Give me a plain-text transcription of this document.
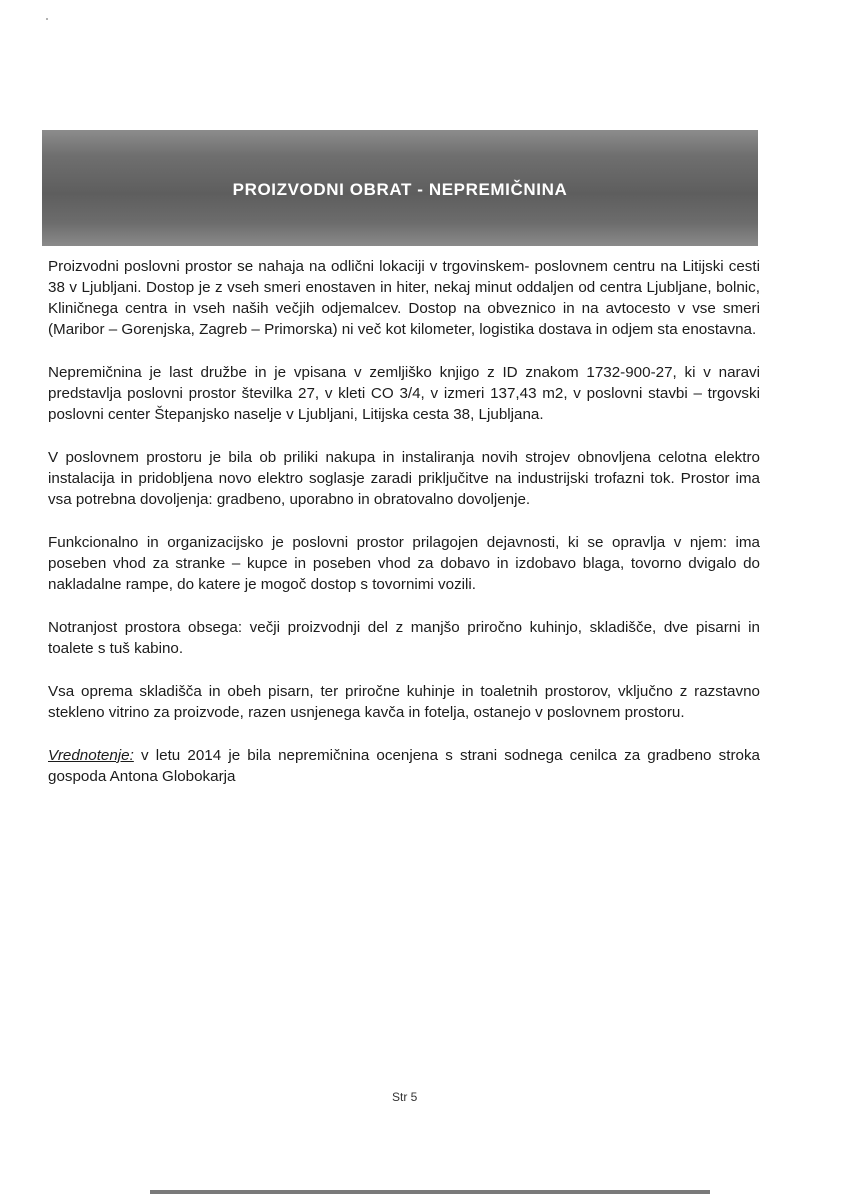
PROIZVODNI OBRAT - NEPREMIČNINA

Proizvodni poslovni prostor se nahaja na odlični lokaciji v trgovinskem- poslovnem centru na Litijski cesti 38 v Ljubljani. Dostop je z vseh smeri enostaven in hiter, nekaj minut oddaljen od centra Ljubljane, bolnic, Kliničnega centra in vseh naših večjih odjemalcev. Dostop na obveznico in na avtocesto v vse smeri (Maribor – Gorenjska, Zagreb – Primorska) ni več kot kilometer, logistika dostava in odjem sta enostavna.

Nepremičnina je last družbe in je vpisana v zemljiško knjigo z ID znakom 1732-900-27, ki v naravi predstavlja poslovni prostor številka 27, v kleti CO 3/4, v izmeri 137,43 m2, v poslovni stavbi – trgovski poslovni center Štepanjsko naselje v Ljubljani, Litijska cesta 38, Ljubljana.

V poslovnem prostoru je bila ob priliki nakupa in instaliranja novih strojev obnovljena celotna elektro instalacija in pridobljena novo elektro soglasje zaradi priključitve na industrijski trofazni tok. Prostor ima vsa potrebna dovoljenja: gradbeno, uporabno in obratovalno dovoljenje.

Funkcionalno in organizacijsko je poslovni prostor prilagojen dejavnosti, ki se opravlja v njem: ima poseben vhod za stranke – kupce in poseben vhod za dobavo in izdobavo blaga, tovorno dvigalo do nakladalne rampe, do katere je mogoč dostop s tovornimi vozili.

Notranjost prostora obsega: večji proizvodnji del z manjšo priročno kuhinjo, skladišče, dve pisarni in toalete s tuš kabino.

Vsa oprema skladišča in obeh pisarn, ter priročne kuhinje in toaletnih prostorov, vključno z razstavno stekleno vitrino za proizvode, razen usnjenega kavča in fotelja, ostanejo v poslovnem prostoru.

Vrednotenje: v letu 2014 je bila nepremičnina ocenjena s strani sodnega cenilca za gradbeno stroka gospoda Antona Globokarja

Str 5
